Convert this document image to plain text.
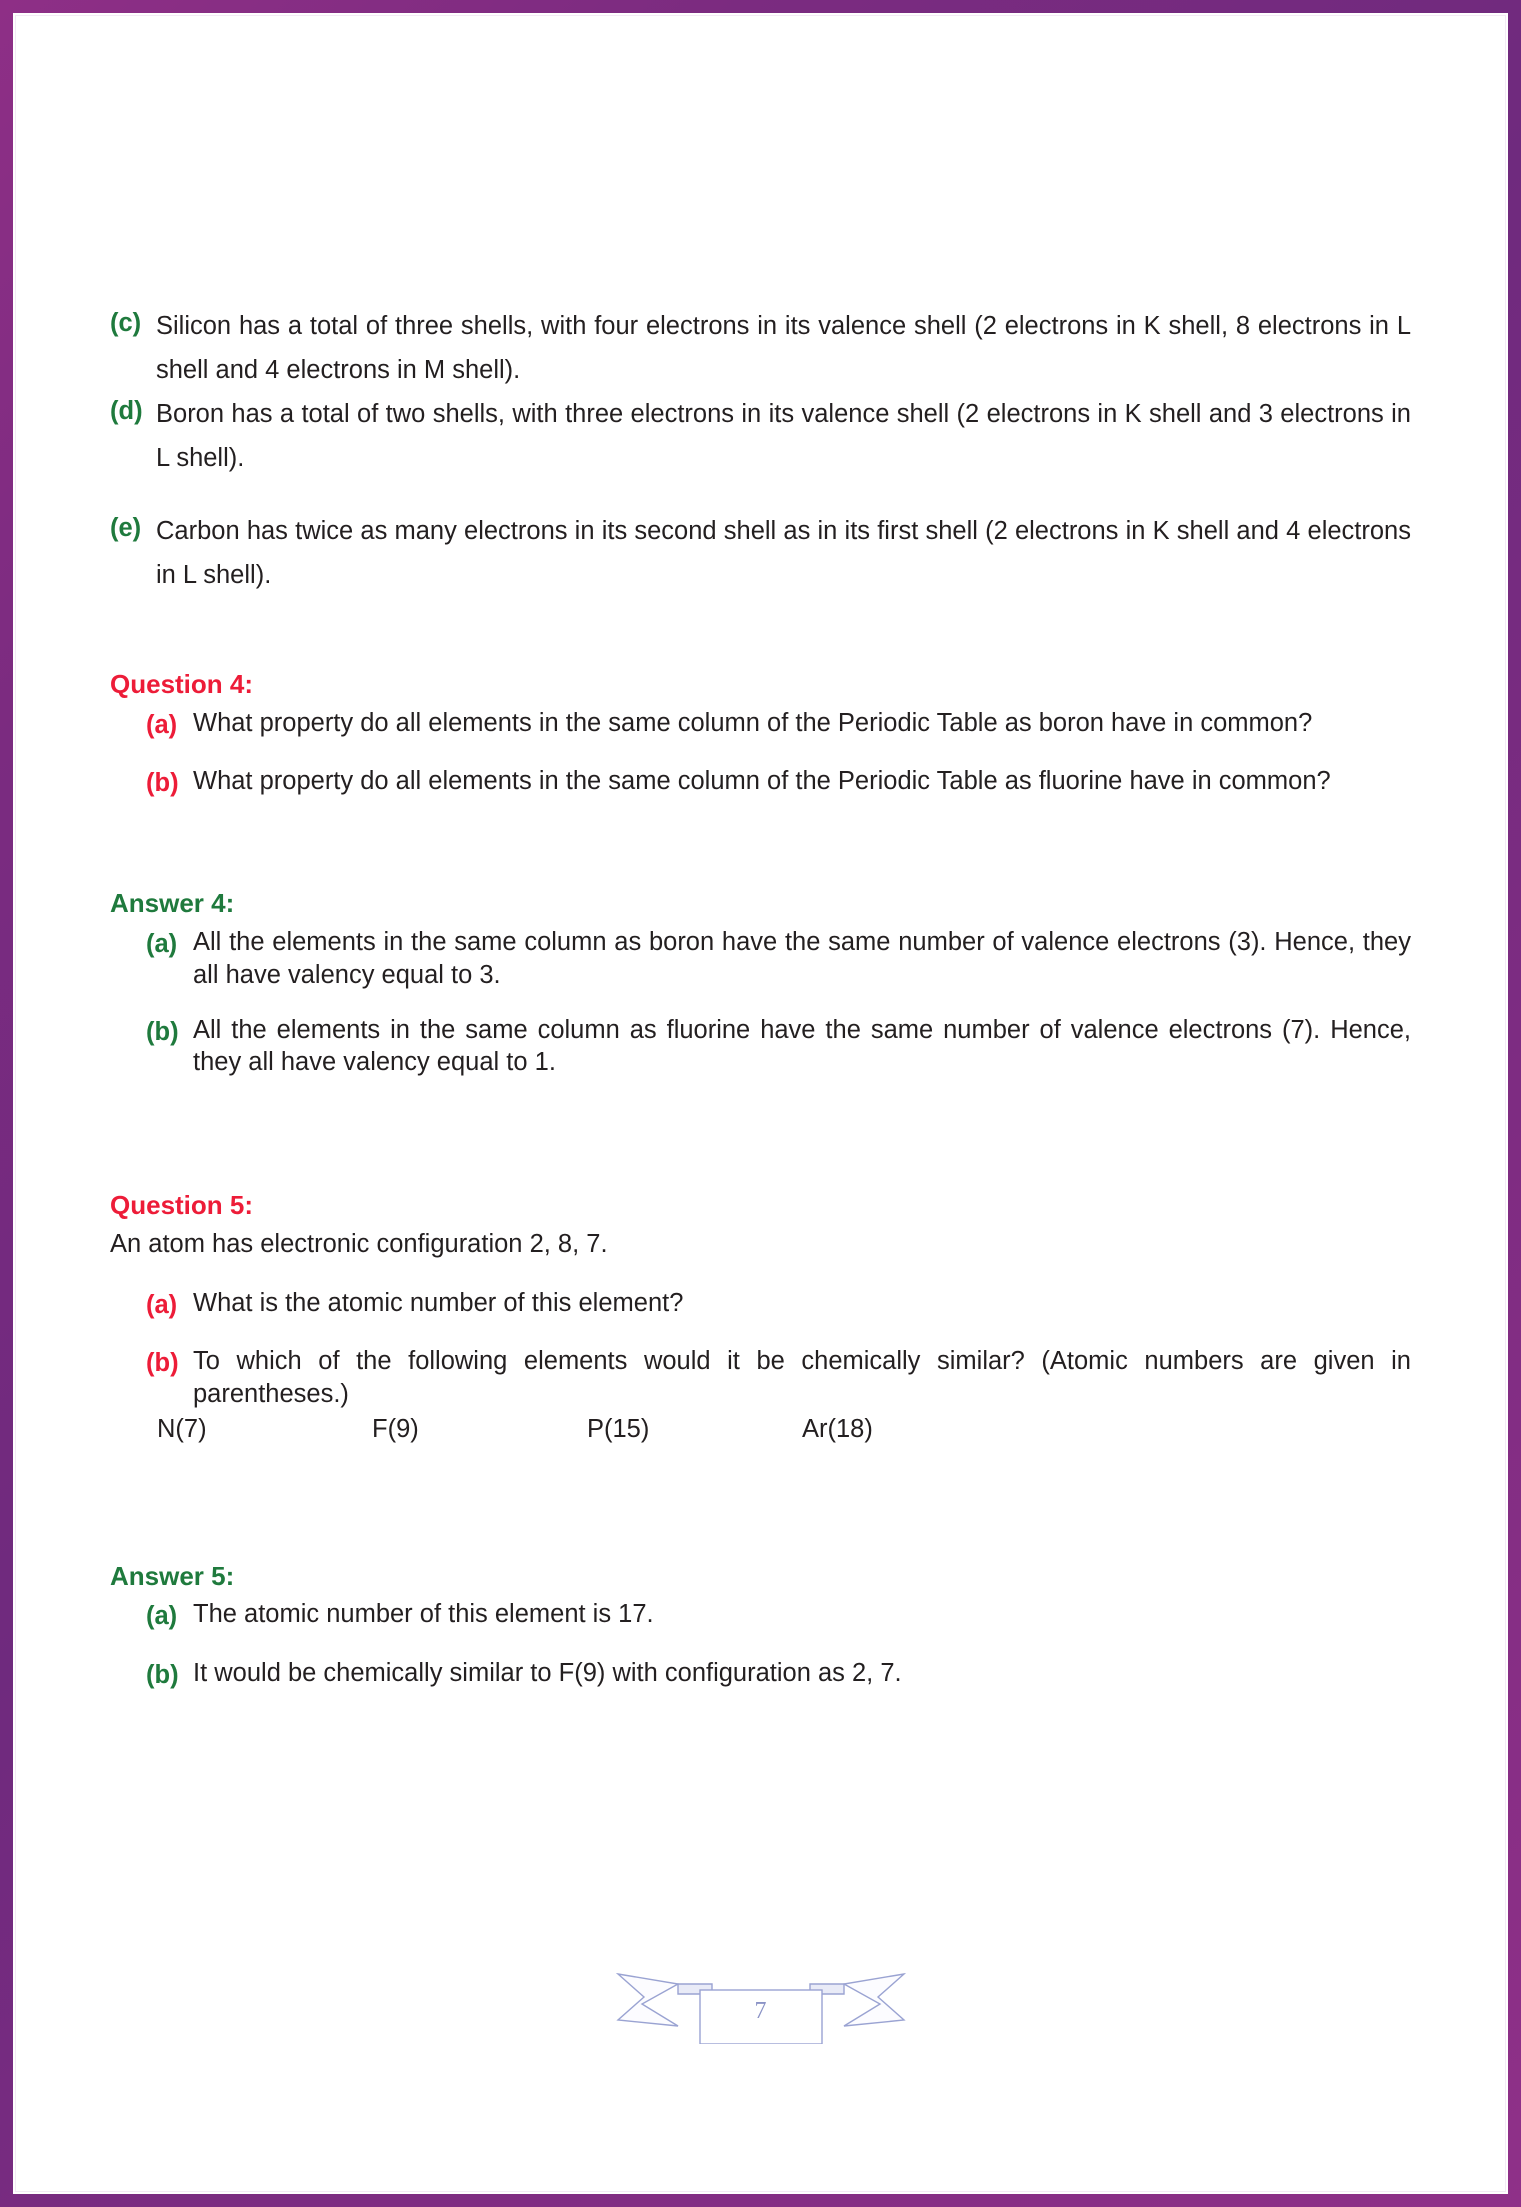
(c) Silicon has a total of three shells, with four electrons in its valence shell (2 electrons in K shell, 8 electrons in L shell and 4 electrons in M shell).
(d) Boron has a total of two shells, with three electrons in its valence shell (2 electrons in K shell and 3 electrons in L shell).
(e) Carbon has twice as many electrons in its second shell as in its first shell (2 electrons in K shell and 4 electrons in L shell).
Question 4:
(a) What property do all elements in the same column of the Periodic Table as boron have in common?
(b) What property do all elements in the same column of the Periodic Table as fluorine have in common?
Answer 4:
(a) All the elements in the same column as boron have the same number of valence electrons (3). Hence, they all have valency equal to 3.
(b) All the elements in the same column as fluorine have the same number of valence electrons (7). Hence, they all have valency equal to 1.
Question 5:
An atom has electronic configuration 2, 8, 7.
(a) What is the atomic number of this element?
(b) To which of the following elements would it be chemically similar? (Atomic numbers are given in parentheses.)
N(7)	F(9)	P(15)	Ar(18)
Answer 5:
(a) The atomic number of this element is 17.
(b) It would be chemically similar to F(9) with configuration as 2, 7.
7
